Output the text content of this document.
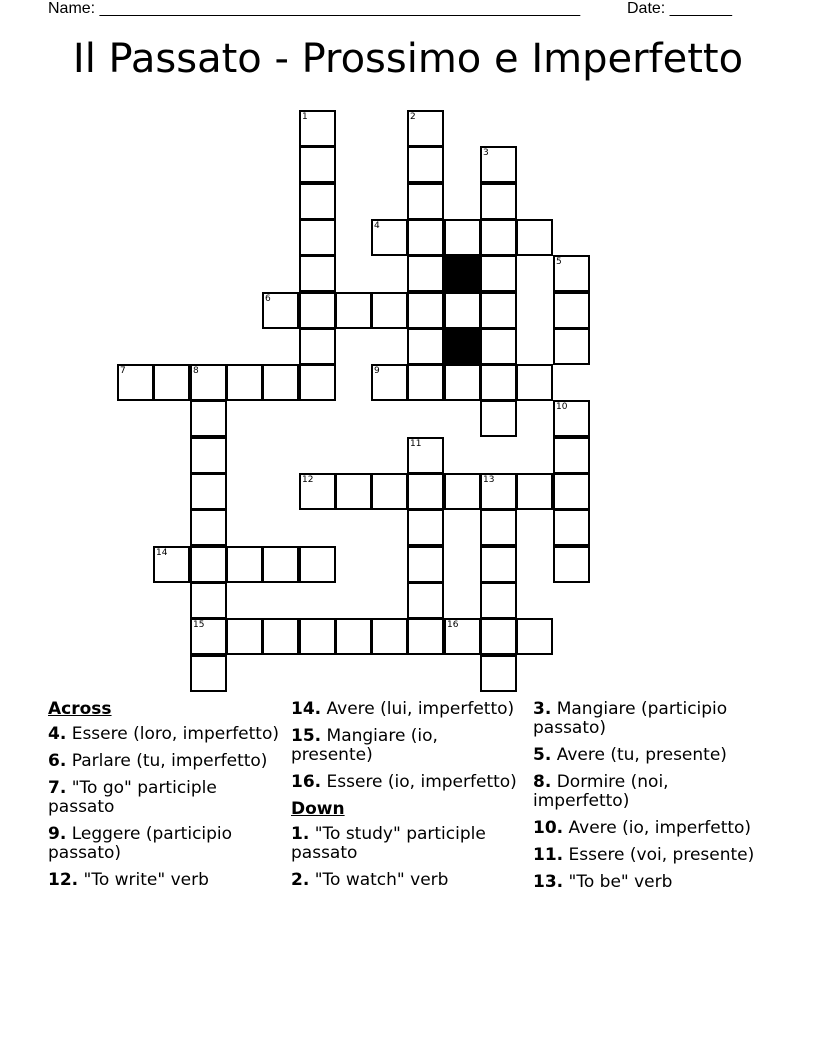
Name: ______________________________________________________	Date: _______
Il Passato - Prossimo e Imperfetto
4
6
7	8	9
12	13
14
15	16
1	2
3
5
10
11
Across
4. Essere (loro, imperfetto)
6. Parlare (tu, imperfetto)
7. "To go" participle passato
9. Leggere (participio passato)
12. "To write" verb
14. Avere (lui, imperfetto)
15. Mangiare (io, presente)
16. Essere (io, imperfetto)
Down
1. "To study" participle passato
2. "To watch" verb
3. Mangiare (participio passato)
5. Avere (tu, presente)
8. Dormire (noi, imperfetto)
10. Avere (io, imperfetto)
11. Essere (voi, presente)
13. "To be" verb
